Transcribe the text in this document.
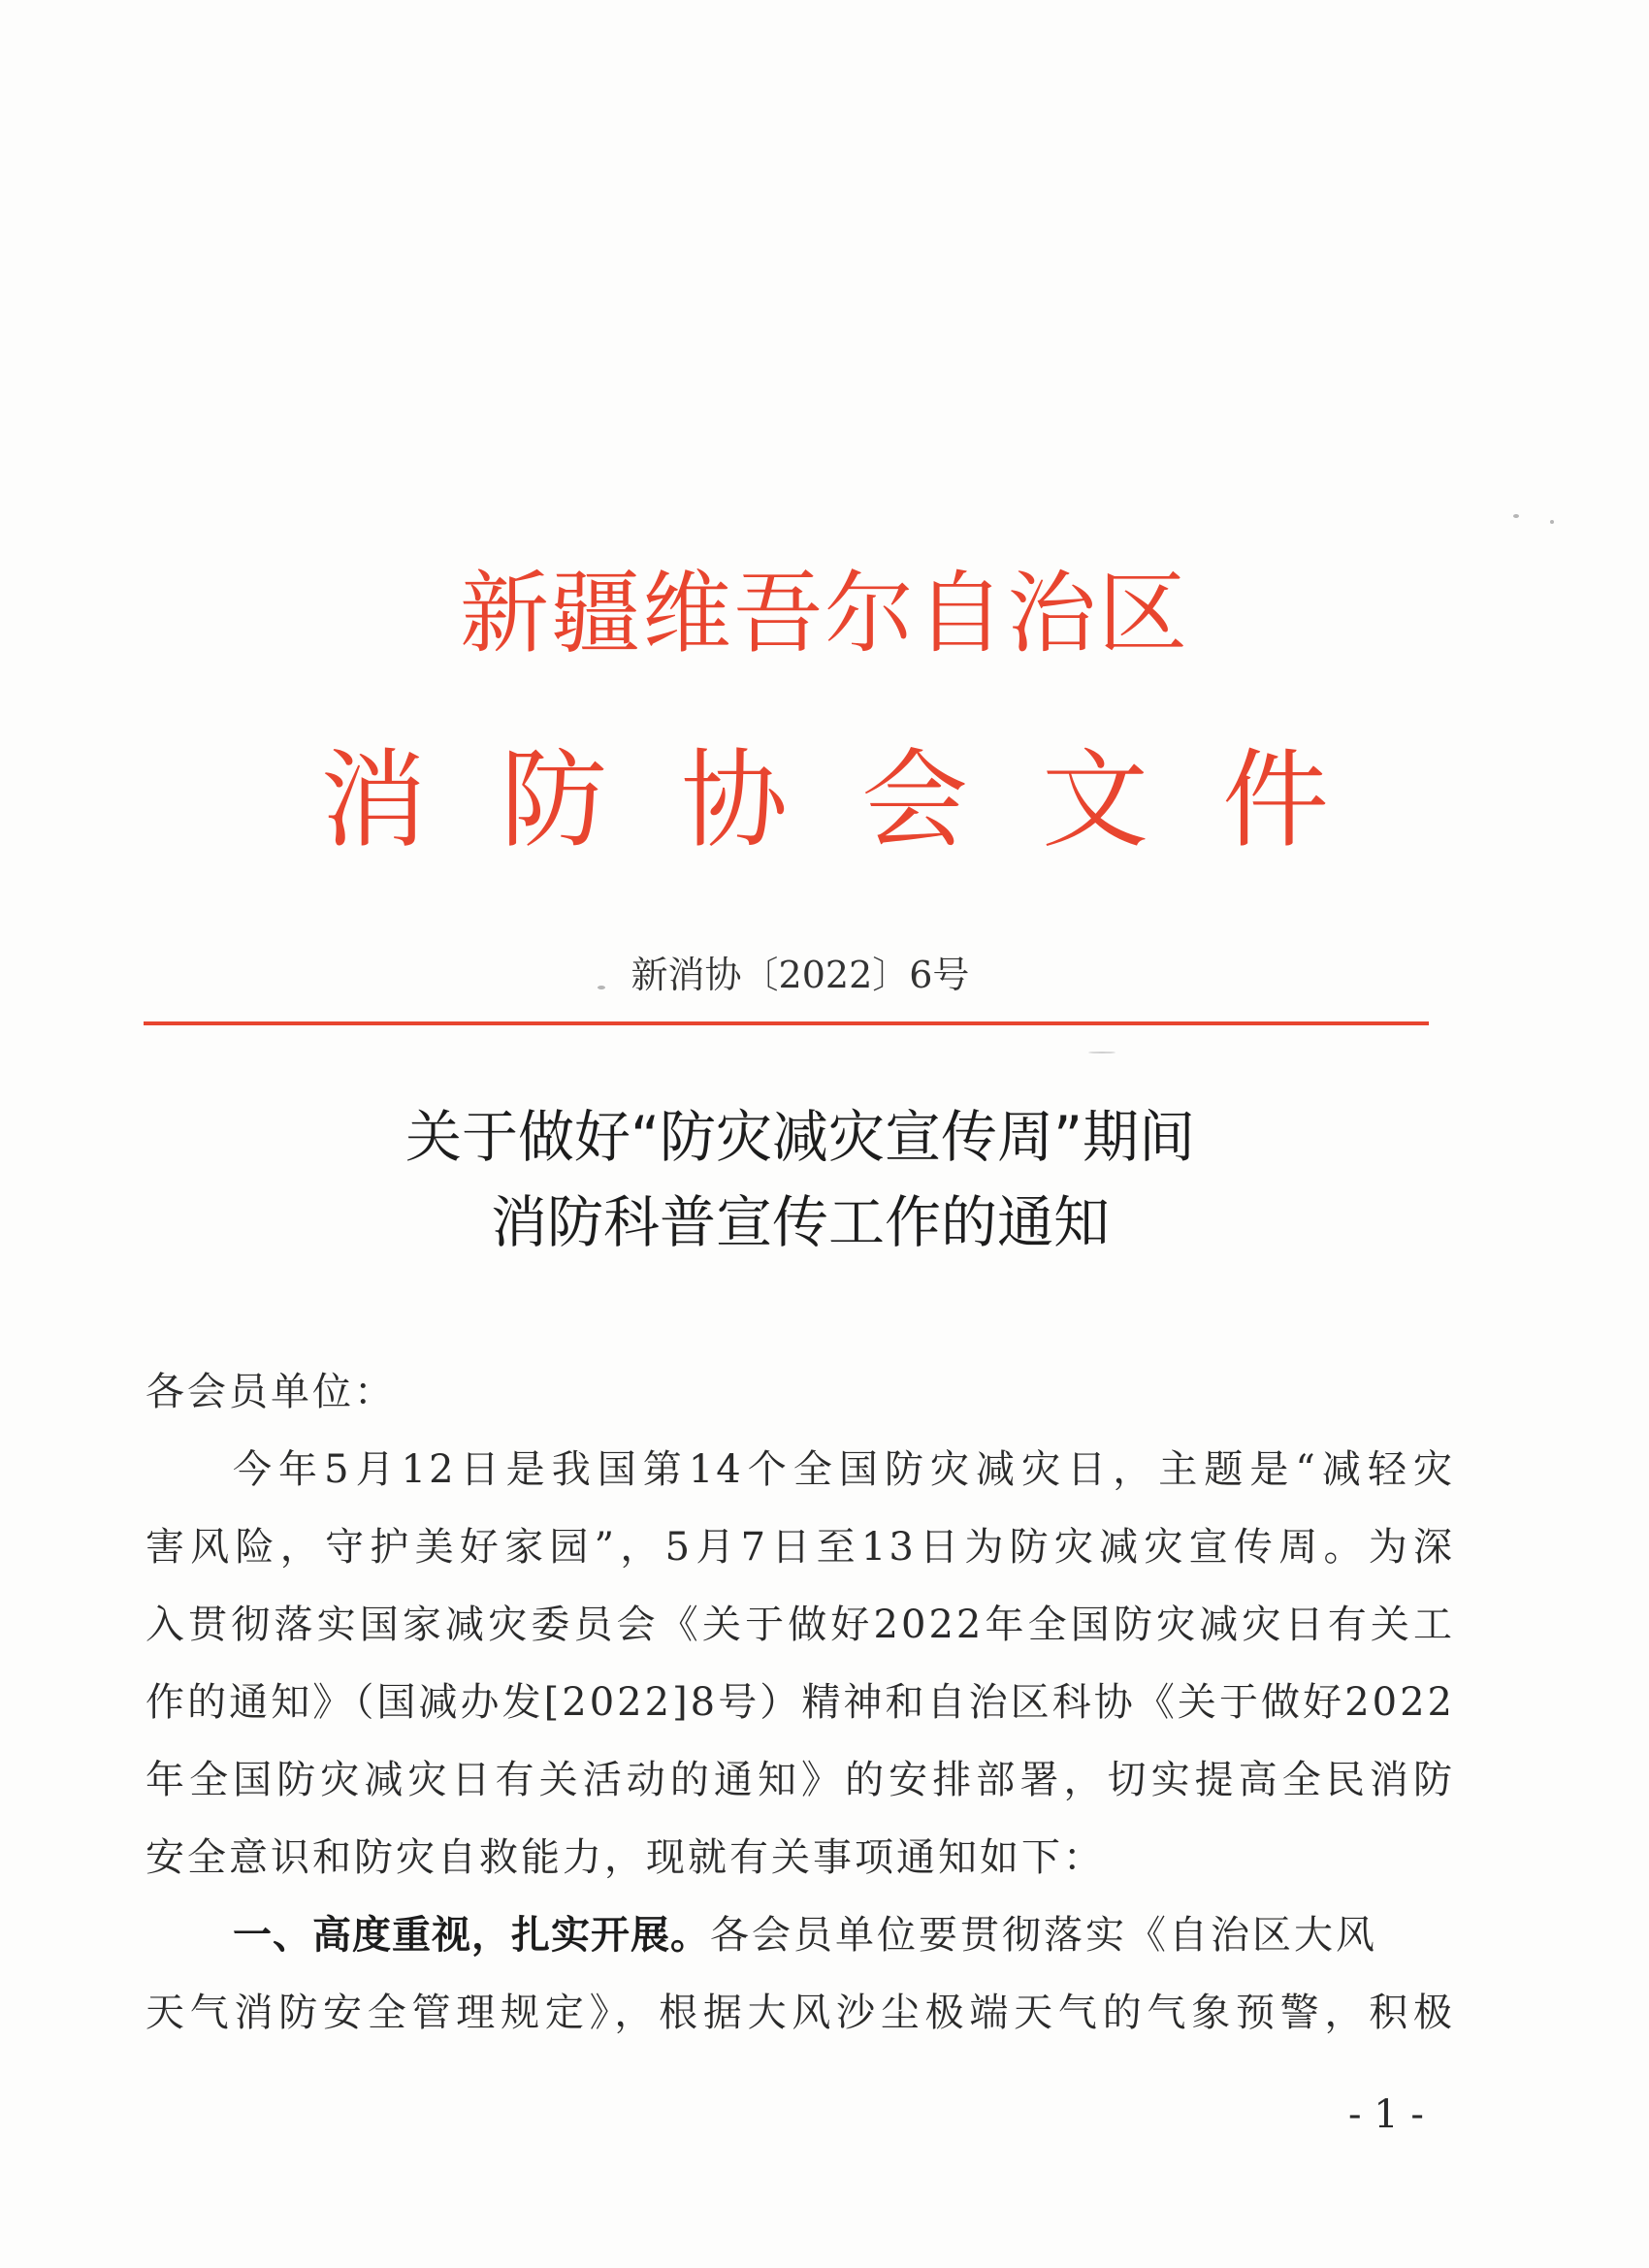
新疆维吾尔自治区
消防协会文件
新消协〔2022〕6号
关于做好“防灾减灾宣传周”期间
消防科普宣传工作的通知
各会员单位：
今年5月12日是我国第14个全国防灾减灾日，主题是“减轻灾
害风险，守护美好家园”，5月7日至13日为防灾减灾宣传周。为深
入贯彻落实国家减灾委员会《关于做好2022年全国防灾减灾日有关工
作的通知》（国减办发[2022]8号）精神和自治区科协《关于做好2022
年全国防灾减灾日有关活动的通知》的安排部署，切实提高全民消防
安全意识和防灾自救能力，现就有关事项通知如下：
一、高度重视，扎实开展。各会员单位要贯彻落实《自治区大风
天气消防安全管理规定》，根据大风沙尘极端天气的气象预警，积极
- 1 -
